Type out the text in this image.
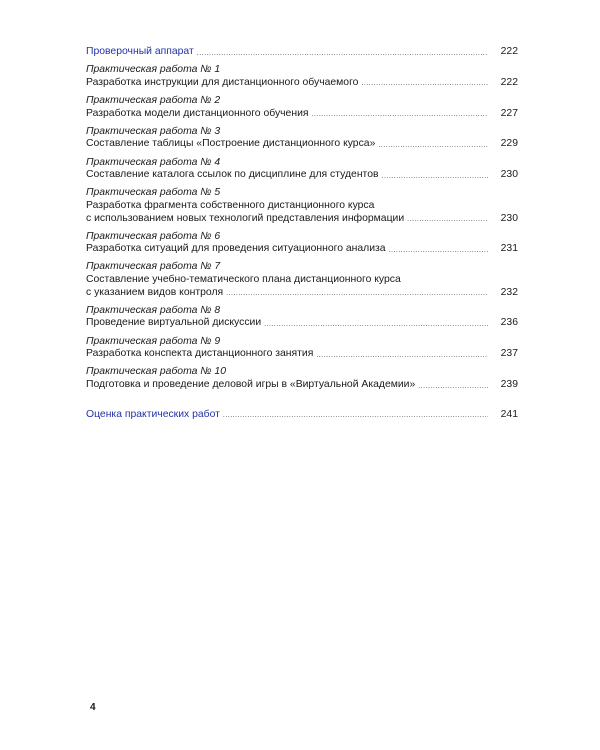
Проверочный аппарат .....	222
Практическая работа № 1
Разработка инструкции для дистанционного обучаемого .....	222
Практическая работа № 2
Разработка модели дистанционного обучения .....	227
Практическая работа № 3
Составление таблицы «Построение дистанционного курса» .....	229
Практическая работа № 4
Составление каталога ссылок по дисциплине для студентов .....	230
Практическая работа № 5
Разработка фрагмента собственного дистанционного курса
с использованием новых технологий представления информации .....	230
Практическая работа № 6
Разработка ситуаций для проведения ситуационного анализа .....	231
Практическая работа № 7
Составление учебно-тематического плана дистанционного курса
с указанием видов контроля .....	232
Практическая работа № 8
Проведение виртуальной дискуссии .....	236
Практическая работа № 9
Разработка конспекта дистанционного занятия .....	237
Практическая работа № 10
Подготовка и проведение деловой игры в «Виртуальной Академии» .....	239
Оценка практических работ .....	241
4
